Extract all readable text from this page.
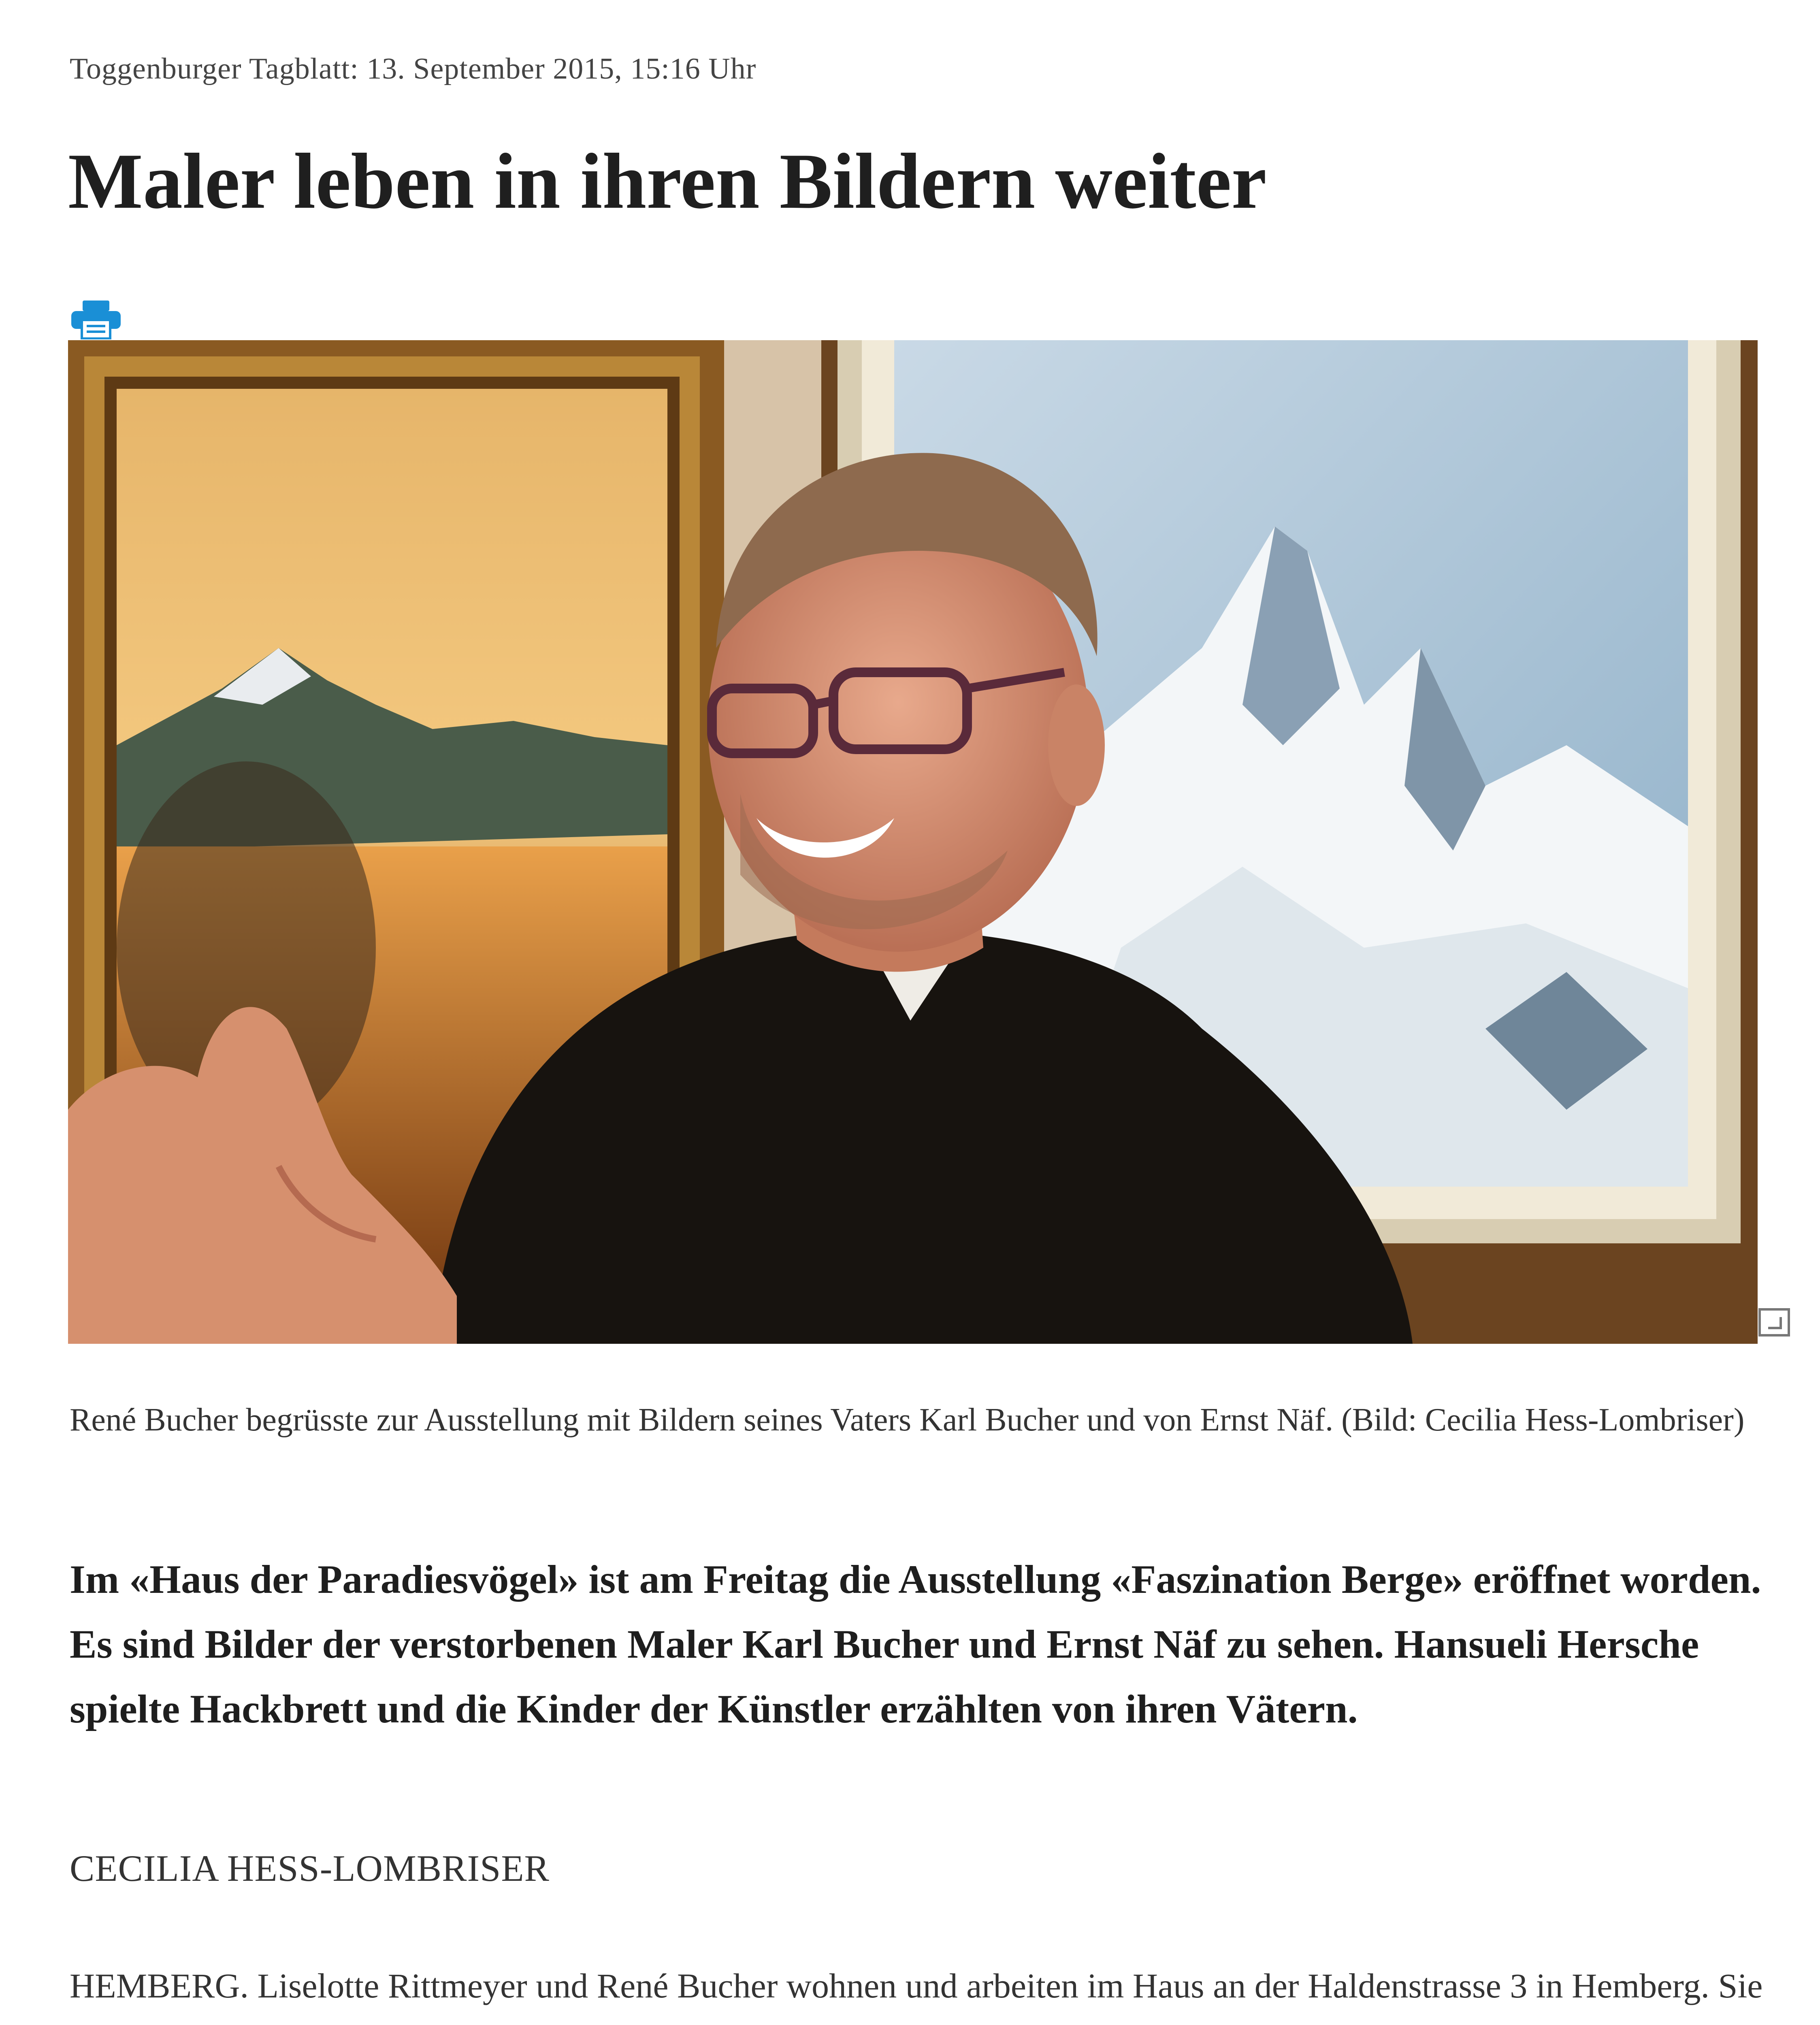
Toggenburger Tagblatt: 13. September 2015, 15:16 Uhr
Maler leben in ihren Bildern weiter
René Bucher begrüsste zur Ausstellung mit Bildern seines Vaters Karl Bucher und von Ernst Näf. (Bild: Cecilia Hess-Lombriser)
Im «Haus der Paradiesvögel» ist am Freitag die Ausstellung «Faszination Berge» eröffnet worden. Es sind Bilder der verstorbenen Maler Karl Bucher und Ernst Näf zu sehen. Hansueli Hersche spielte Hackbrett und die Kinder der Künstler erzählten von ihren Vätern.
CECILIA HESS-LOMBRISER
HEMBERG. Liselotte Rittmeyer und René Bucher wohnen und arbeiten im Haus an der Haldenstrasse 3 in Hemberg. Sie
